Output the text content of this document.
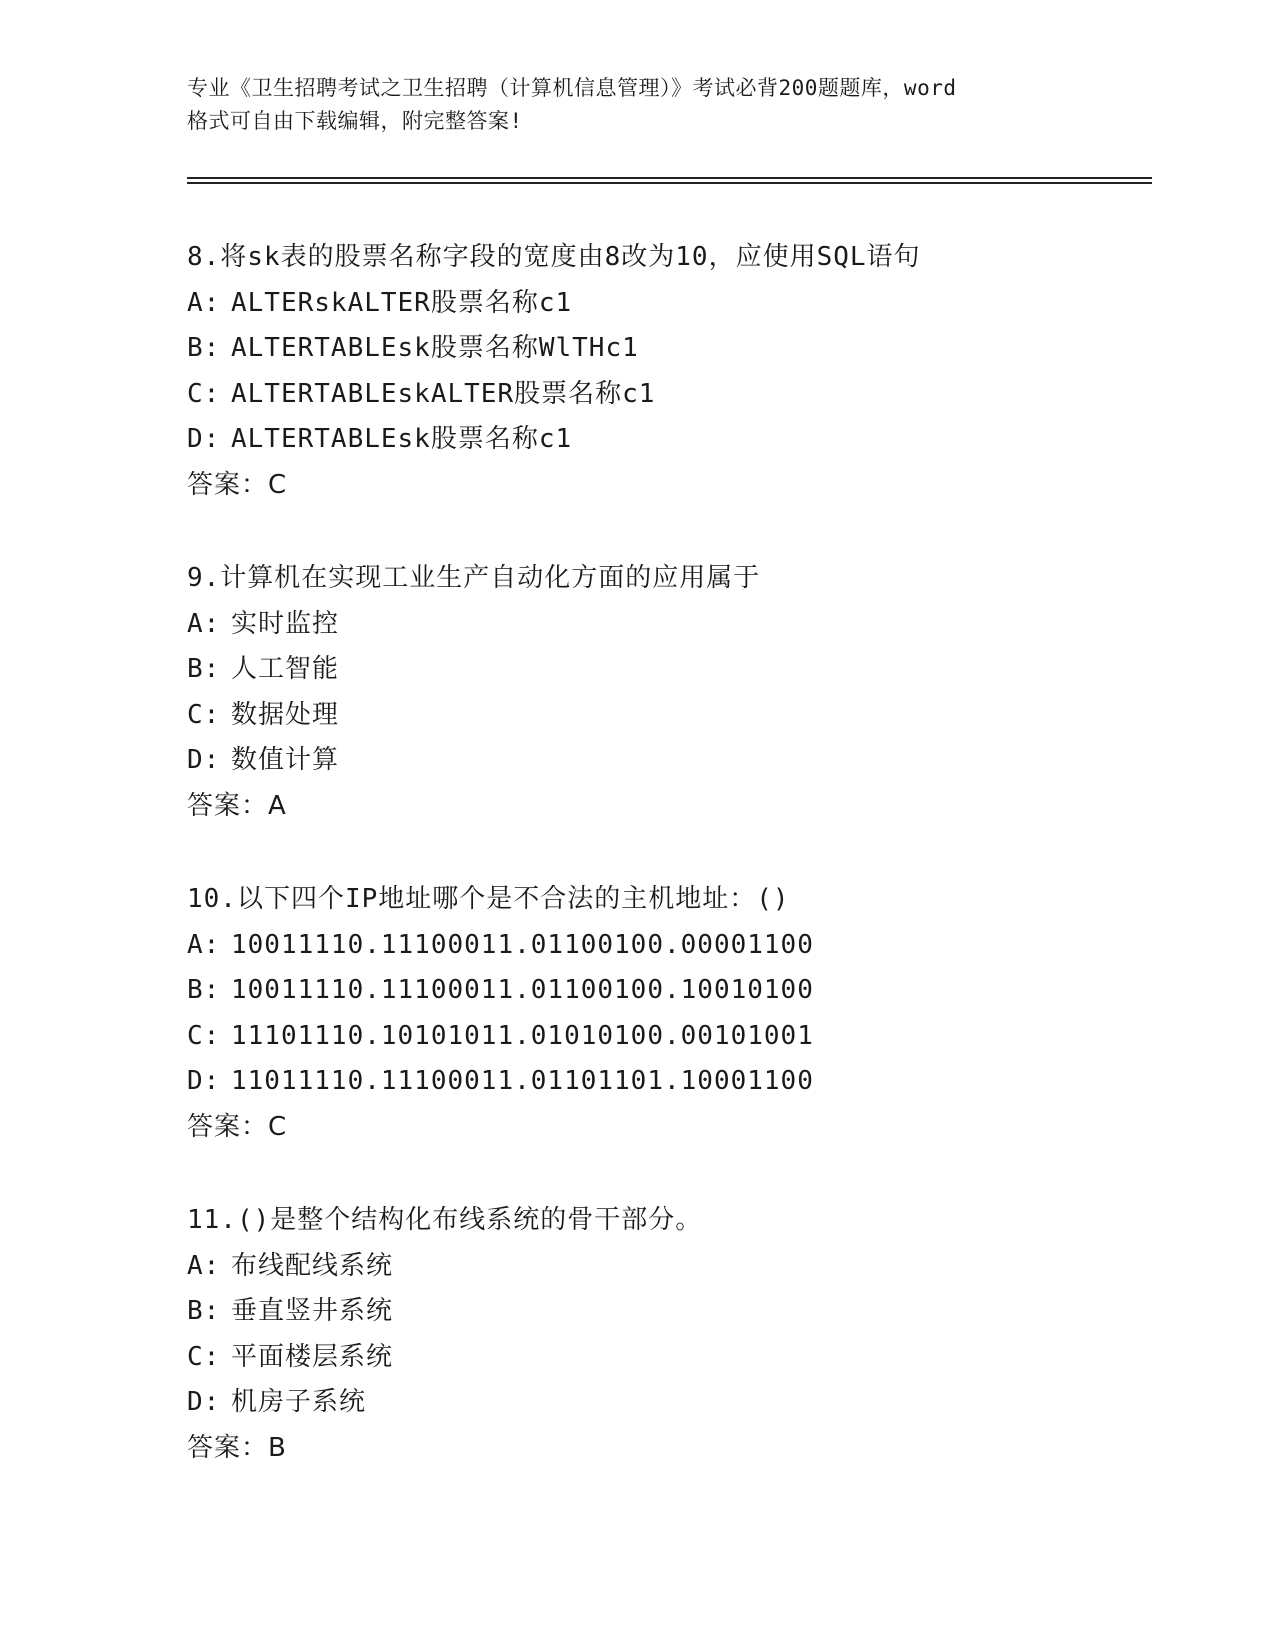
专业《卫生招聘考试之卫生招聘（计算机信息管理）》考试必背200题题库，word
格式可自由下载编辑，附完整答案!
8.将sk表的股票名称字段的宽度由8改为10，应使用SQL语句
A: ALTERskALTER股票名称c1
B: ALTERTABLEsk股票名称WlTHc1
C: ALTERTABLEskALTER股票名称c1
D: ALTERTABLEsk股票名称c1
答案：C
9.计算机在实现工业生产自动化方面的应用属于
A: 实时监控
B: 人工智能
C: 数据处理
D: 数值计算
答案：A
10.以下四个IP地址哪个是不合法的主机地址：()
A: 10011110.11100011.01100100.00001100
B: 10011110.11100011.01100100.10010100
C: 11101110.10101011.01010100.00101001
D: 11011110.11100011.01101101.10001100
答案：C
11.()是整个结构化布线系统的骨干部分。
A: 布线配线系统
B: 垂直竖井系统
C: 平面楼层系统
D: 机房子系统
答案：B
